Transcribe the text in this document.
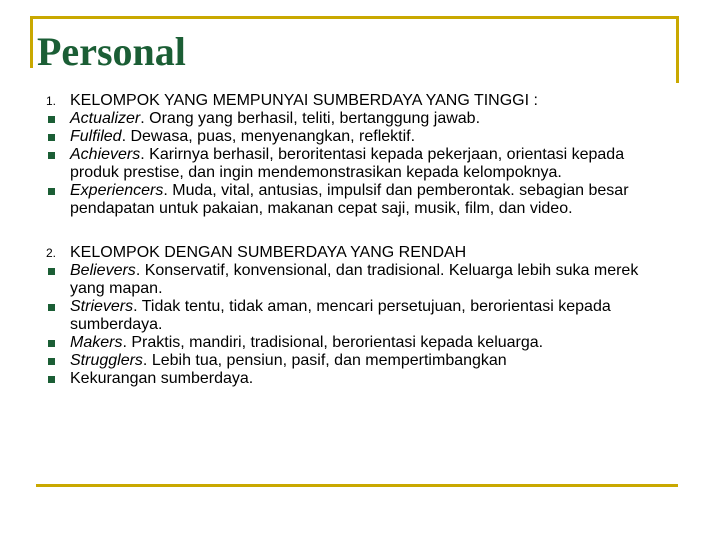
Personal
1. KELOMPOK YANG MEMPUNYAI SUMBERDAYA YANG TINGGI :
Actualizer. Orang yang berhasil, teliti, bertanggung jawab.
Fulfiled. Dewasa, puas, menyenangkan, reflektif.
Achievers. Karirnya berhasil, beroritentasi kepada pekerjaan, orientasi kepada produk prestise, dan ingin mendemonstrasikan kepada kelompoknya.
Experiencers. Muda, vital, antusias, impulsif dan pemberontak. sebagian besar pendapatan untuk pakaian, makanan cepat saji, musik, film, dan video.
2. KELOMPOK DENGAN SUMBERDAYA YANG RENDAH
Believers. Konservatif, konvensional, dan tradisional. Keluarga lebih suka merek yang mapan.
Strievers. Tidak tentu, tidak aman, mencari persetujuan, berorientasi kepada sumberdaya.
Makers. Praktis, mandiri, tradisional, berorientasi kepada keluarga.
Strugglers. Lebih tua, pensiun, pasif, dan mempertimbangkan
Kekurangan sumberdaya.
